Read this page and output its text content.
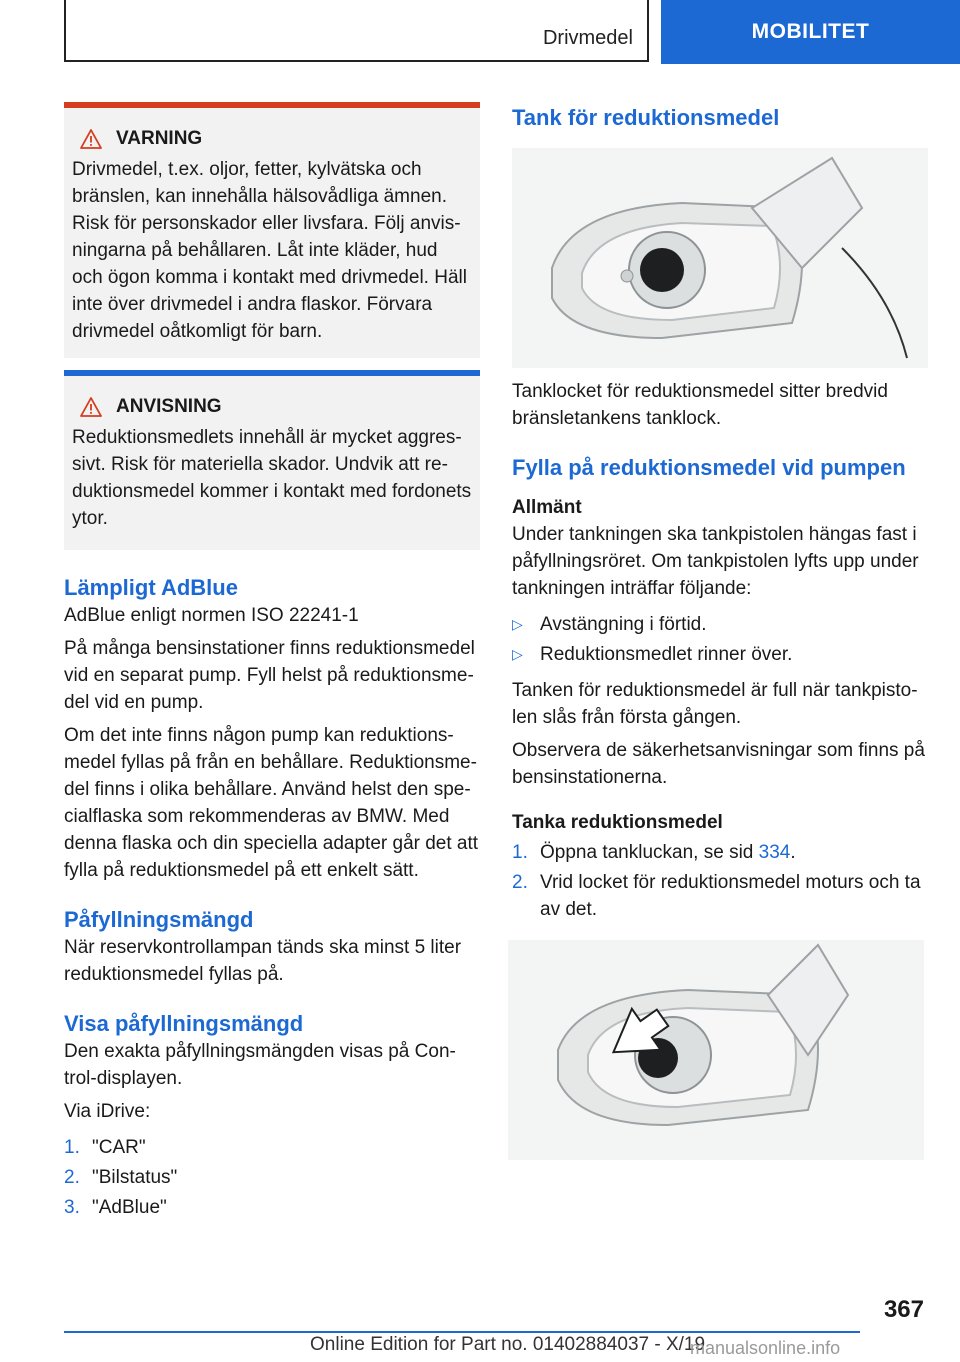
Drivmedel	MOBILITET
VARNING

Drivmedel, t.ex. oljor, fetter, kylvätska och bränslen, kan innehålla hälsovådliga ämnen. Risk för personskador eller livsfara. Följ anvisningarna på behållaren. Låt inte kläder, hud och ögon komma i kontakt med drivmedel. Häll inte över drivmedel i andra flaskor. Förvara drivmedel oåtkomligt för barn.

ANVISNING

Reduktionsmedlets innehåll är mycket aggressivt. Risk för materiella skador. Undvik att reduktionsmedel kommer i kontakt med fordonets ytor.

Lämpligt AdBlue

AdBlue enligt normen ISO 22241-1

På många bensinstationer finns reduktionsmedel vid en separat pump. Fyll helst på reduktionsmedel vid en pump.

Om det inte finns någon pump kan reduktionsmedel fyllas på från en behållare. Reduktionsmedel finns i olika behållare. Använd helst den specialflaska som rekommenderas av BMW. Med denna flaska och din speciella adapter går det att fylla på reduktionsmedel på ett enkelt sätt.

Påfyllningsmängd

När reservkontrollampan tänds ska minst 5 liter reduktionsmedel fyllas på.

Visa påfyllningsmängd

Den exakta påfyllningsmängden visas på Control-displayen.

Via iDrive:

1. "CAR"
2. "Bilstatus"
3. "AdBlue"
Tank för reduktionsmedel

Tanklocket för reduktionsmedel sitter bredvid bränsletankens tanklock.

Fylla på reduktionsmedel vid pumpen
Allmänt

Under tankningen ska tankpistolen hängas fast i påfyllningsröret. Om tankpistolen lyfts upp under tankningen inträffar följande:

▷ Avstängning i förtid.
▷ Reduktionsmedlet rinner över.

Tanken för reduktionsmedel är full när tankpistolen slås från första gången.

Observera de säkerhetsanvisningar som finns på bensinstationerna.

Tanka reduktionsmedel
1. Öppna tankluckan, se sid 334.
2. Vrid locket för reduktionsmedel moturs och ta av det.
367
Online Edition for Part no. 01402884037 - X/19
manualsonline.info
